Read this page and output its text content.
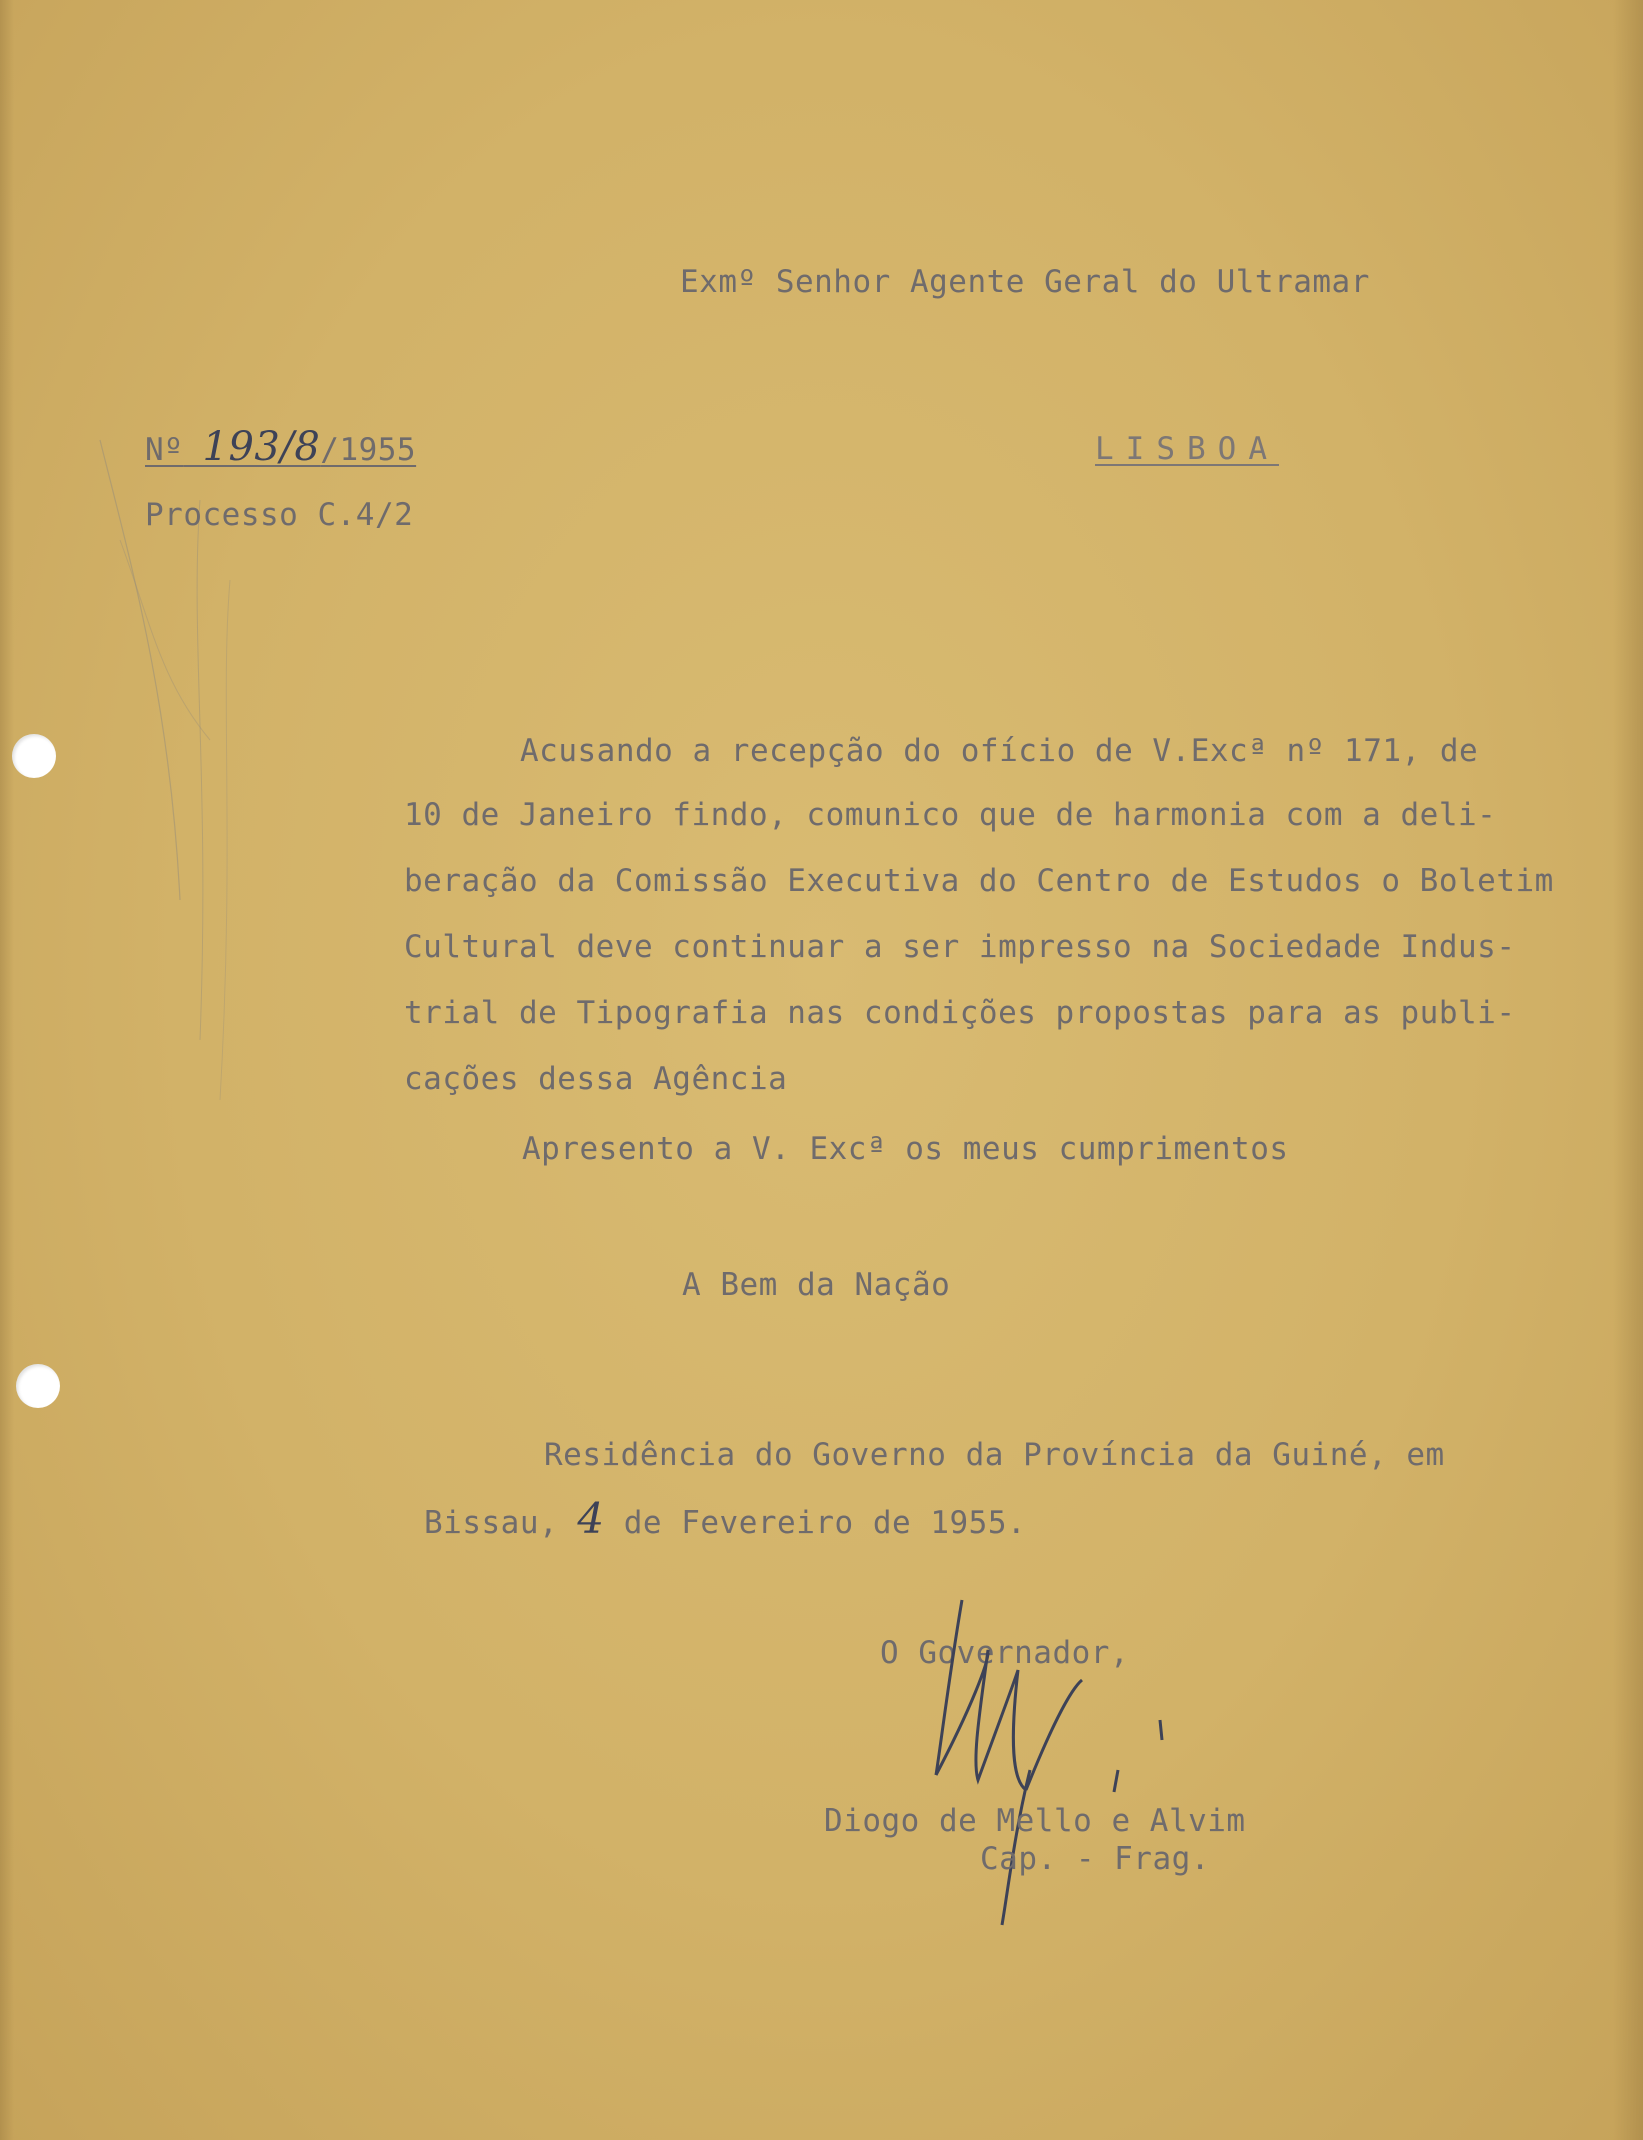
Exmº Senhor Agente Geral do Ultramar
Nº 193/8/1955	LISBOA
Processo C.4/2
Acusando a recepção do ofício de V.Excª nº 171, de
10 de Janeiro findo, comunico que de harmonia com a deli-
beração da Comissão Executiva do Centro de Estudos o Boletim
Cultural deve continuar a ser impresso na Sociedade Indus-
trial de Tipografia nas condições propostas para as publi-
cações dessa Agência
Apresento a V. Excª os meus cumprimentos
A Bem da Nação
Residência do Governo da Província da Guiné, em
Bissau, 4 de Fevereiro de 1955.
O Governador,
Diogo de Mello e Alvim
Cap. - Frag.
